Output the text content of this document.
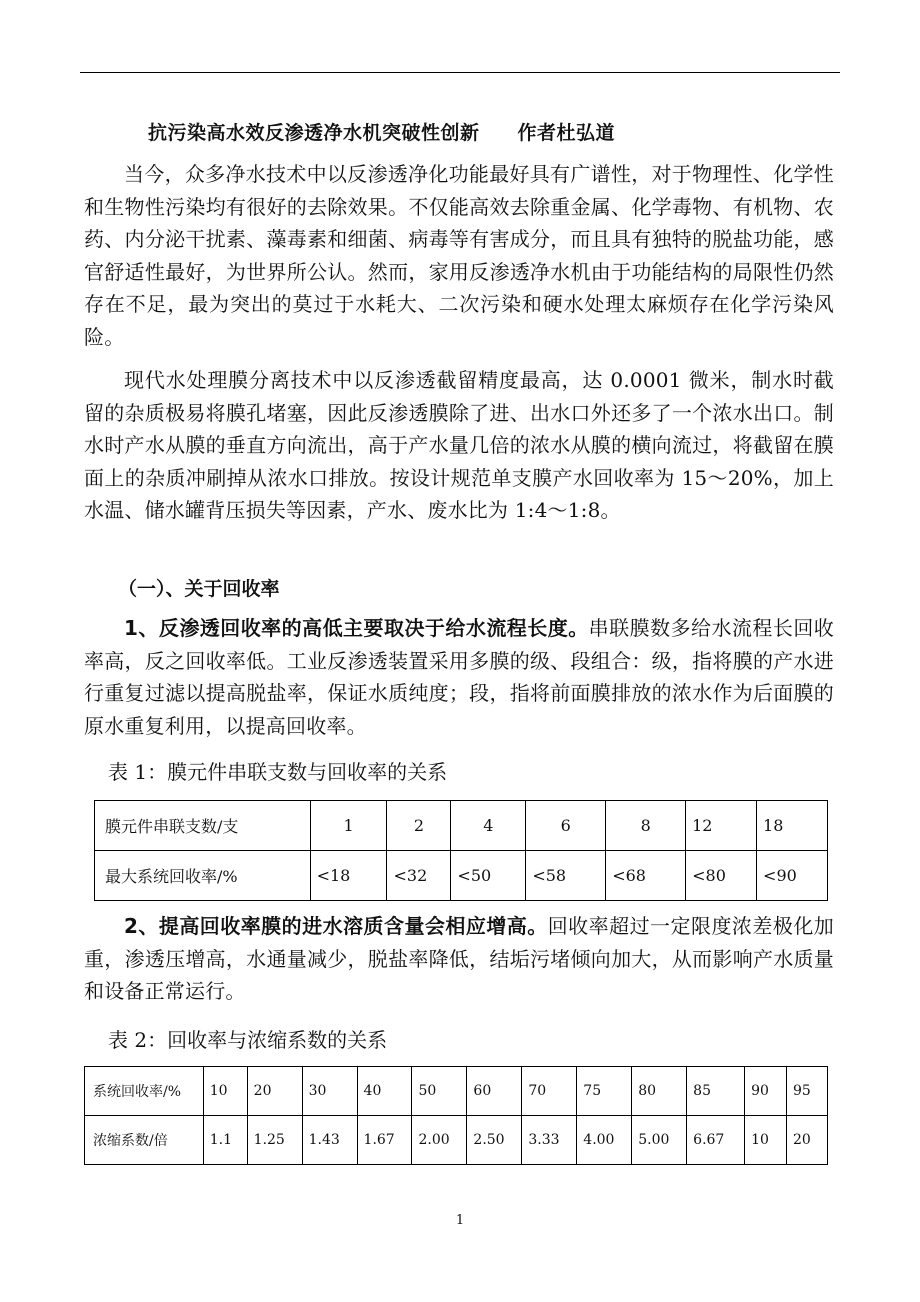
抗污染高水效反渗透净水机突破性创新 作者杜弘道

当今，众多净水技术中以反渗透净化功能最好具有广谱性，对于物理性、化学性和生物性污染均有很好的去除效果。不仅能高效去除重金属、化学毒物、有机物、农药、内分泌干扰素、藻毒素和细菌、病毒等有害成分，而且具有独特的脱盐功能，感官舒适性最好，为世界所公认。然而，家用反渗透净水机由于功能结构的局限性仍然存在不足，最为突出的莫过于水耗大、二次污染和硬水处理太麻烦存在化学污染风险。

现代水处理膜分离技术中以反渗透截留精度最高，达 0.0001 微米，制水时截留的杂质极易将膜孔堵塞，因此反渗透膜除了进、出水口外还多了一个浓水出口。制水时产水从膜的垂直方向流出，高于产水量几倍的浓水从膜的横向流过，将截留在膜面上的杂质冲刷掉从浓水口排放。按设计规范单支膜产水回收率为 15～20%，加上水温、储水罐背压损失等因素，产水、废水比为 1:4～1:8。

（一）、关于回收率

1、反渗透回收率的高低主要取决于给水流程长度。串联膜数多给水流程长回收率高，反之回收率低。工业反渗透装置采用多膜的级、段组合：级，指将膜的产水进行重复过滤以提高脱盐率，保证水质纯度；段，指将前面膜排放的浓水作为后面膜的原水重复利用，以提高回收率。

表 1：膜元件串联支数与回收率的关系

膜元件串联支数/支	1	2	4	6	8	12	18
最大系统回收率/%	<18	<32	<50	<58	<68	<80	<90

2、提高回收率膜的进水溶质含量会相应增高。回收率超过一定限度浓差极化加重，渗透压增高，水通量减少，脱盐率降低，结垢污堵倾向加大，从而影响产水质量和设备正常运行。

表 2：回收率与浓缩系数的关系

系统回收率/%	10	20	30	40	50	60	70	75	80	85	90	95
浓缩系数/倍	1.1	1.25	1.43	1.67	2.00	2.50	3.33	4.00	5.00	6.67	10	20
1
